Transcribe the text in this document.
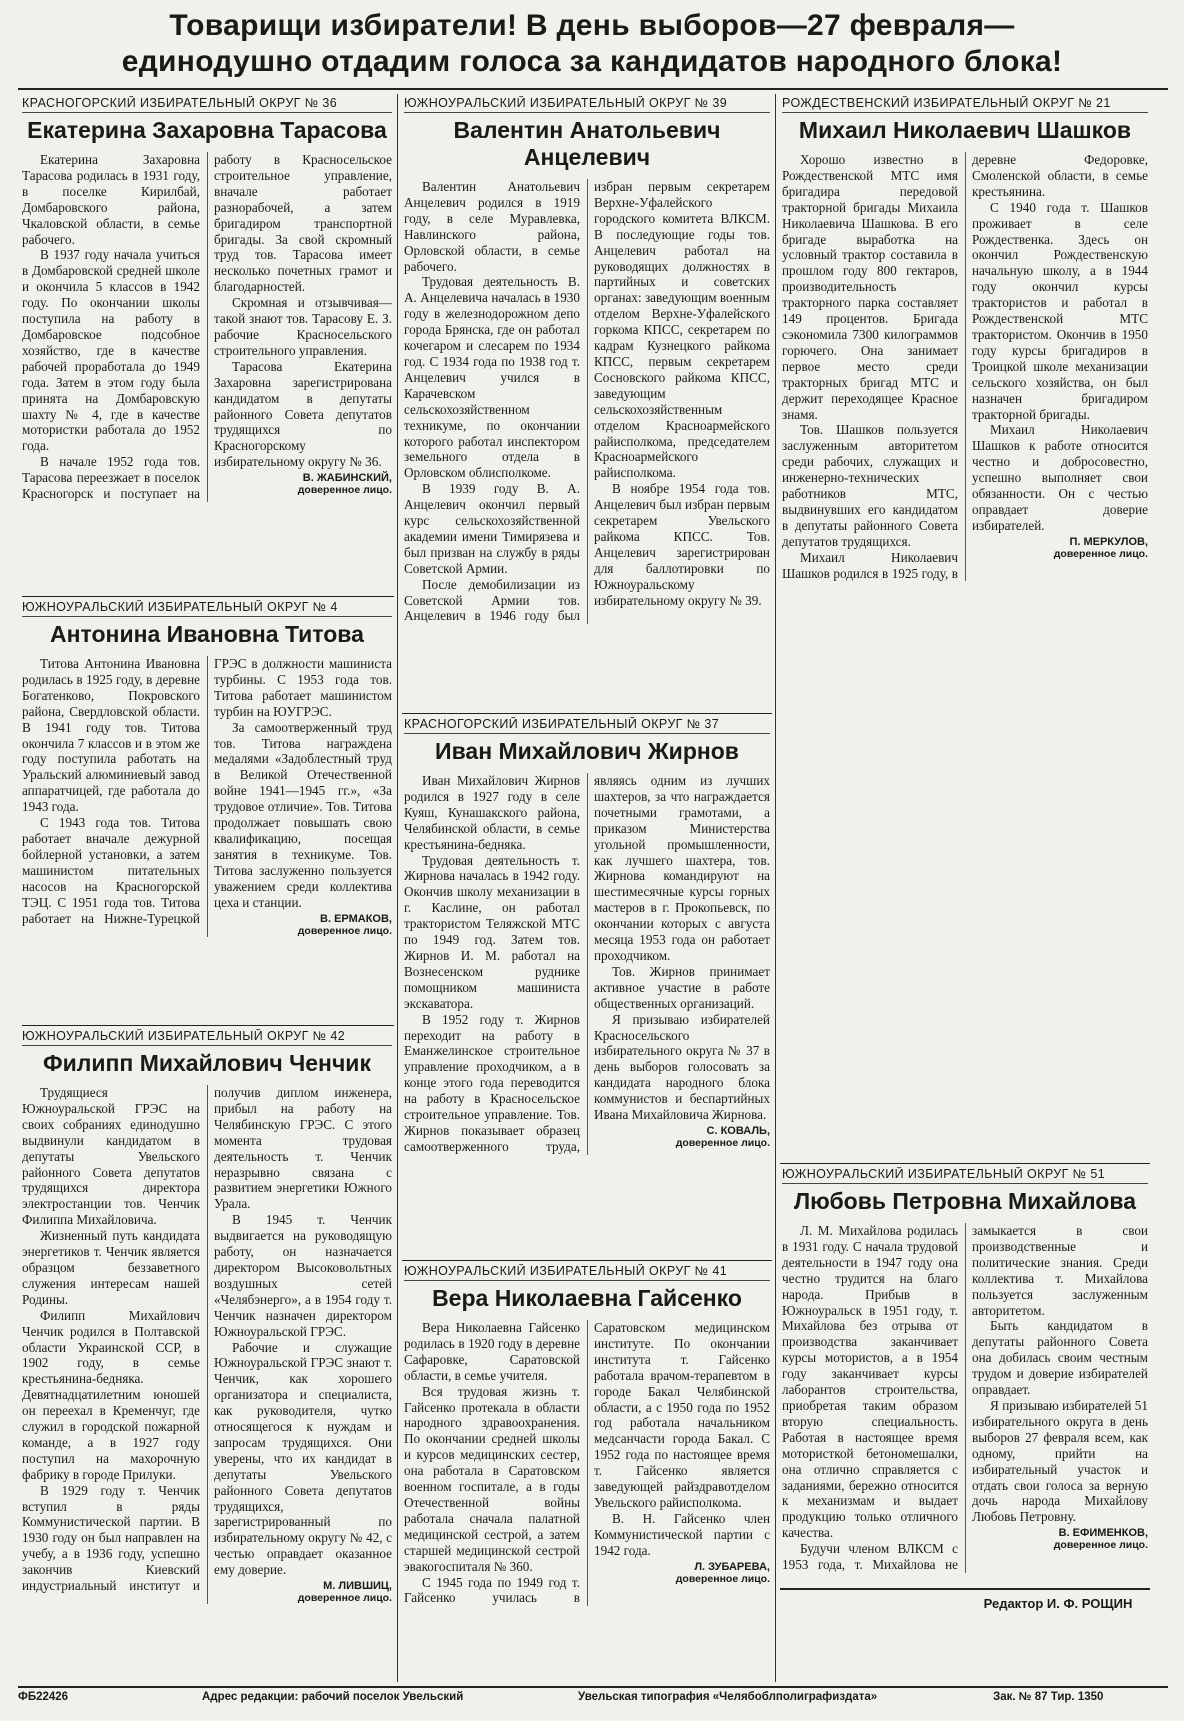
Товарищи избиратели! В день выборов—27 февраля—
единодушно отдадим голоса за кандидатов народного блока!
КРАСНОГОРСКИЙ ИЗБИРАТЕЛЬНЫЙ ОКРУГ № 36
Екатерина Захаровна Тарасова

Екатерина Захаровна Тарасова родилась в 1931 году, в поселке Кирилбай, Домбаровского района, Чкаловской области, в семье рабочего.

В 1937 году начала учиться в Домбаровской средней школе и окончила 5 классов в 1942 году. По окончании школы поступила на работу в Домбаровское подсобное хозяйство, где в качестве рабочей проработала до 1949 года. Затем в этом году была принята на Домбаровскую шахту № 4, где в качестве мотористки работала до 1952 года.

В начале 1952 года тов. Тарасова переезжает в поселок Красногорск и поступает на работу в Красносельское строительное управление, вначале работает разнорабочей, а затем бригадиром транспортной бригады. За свой скромный труд тов. Тарасова имеет несколько почетных грамот и благодарностей.

Скромная и отзывчивая—такой знают тов. Тарасову Е. З. рабочие Красносельского строительного управления.

Тарасова Екатерина Захаровна зарегистрирована кандидатом в депутаты районного Совета депутатов трудящихся по Красногорскому избирательному округу № 36.

В. ЖАБИНСКИЙ,
доверенное лицо.
ЮЖНОУРАЛЬСКИЙ ИЗБИРАТЕЛЬНЫЙ ОКРУГ № 4
Антонина Ивановна Титова

Титова Антонина Ивановна родилась в 1925 году, в деревне Богатенково, Покровского района, Свердловской области. В 1941 году тов. Титова окончила 7 классов и в этом же году поступила работать на Уральский алюминиевый завод аппаратчицей, где работала до 1943 года.

С 1943 года тов. Титова работает вначале дежурной бойлерной установки, а затем машинистом питательных насосов на Красногорской ТЭЦ. С 1951 года тов. Титова работает на Нижне-Турецкой ГРЭС в должности машиниста турбины. С 1953 года тов. Титова работает машинистом турбин на ЮУГРЭС.

За самоотверженный труд тов. Титова награждена медалями «Задоблестный труд в Великой Отечественной войне 1941—1945 гг.», «За трудовое отличие». Тов. Титова продолжает повышать свою квалификацию, посещая занятия в техникуме. Тов. Титова заслуженно пользуется уважением среди коллектива цеха и станции.

В. ЕРМАКОВ,
доверенное лицо.
ЮЖНОУРАЛЬСКИЙ ИЗБИРАТЕЛЬНЫЙ ОКРУГ № 42
Филипп Михайлович Ченчик

Трудящиеся Южноуральской ГРЭС на своих собраниях единодушно выдвинули кандидатом в депутаты Увельского районного Совета депутатов трудящихся директора электростанции тов. Ченчик Филиппа Михайловича.

Жизненный путь кандидата энергетиков т. Ченчик является образцом беззаветного служения интересам нашей Родины.

Филипп Михайлович Ченчик родился в Полтавской области Украинской ССР, в 1902 году, в семье крестьянина-бедняка. Девятнадцатилетним юношей он переехал в Кременчуг, где служил в городской пожарной команде, а в 1927 году поступил на махорочную фабрику в городе Прилуки.

В 1929 году т. Ченчик вступил в ряды Коммунистической партии. В 1930 году он был направлен на учебу, а в 1936 году, успешно закончив Киевский индустриальный институт и получив диплом инженера, прибыл на работу на Челябинскую ГРЭС. С этого момента трудовая деятельность т. Ченчик неразрывно связана с развитием энергетики Южного Урала.

В 1945 т. Ченчик выдвигается на руководящую работу, он назначается директором Высоковольтных воздушных сетей «Челябэнерго», а в 1954 году т. Ченчик назначен директором Южноуральской ГРЭС.

Рабочие и служащие Южноуральской ГРЭС знают т. Ченчик, как хорошего организатора и специалиста, как руководителя, чутко относящегося к нуждам и запросам трудящихся. Они уверены, что их кандидат в депутаты Увельского районного Совета депутатов трудящихся, зарегистрированный по избирательному округу № 42, с честью оправдает оказанное ему доверие.

М. ЛИВШИЦ,
доверенное лицо.
ЮЖНОУРАЛЬСКИЙ ИЗБИРАТЕЛЬНЫЙ ОКРУГ № 39
Валентин Анатольевич Анцелевич

Валентин Анатольевич Анцелевич родился в 1919 году, в селе Муравлевка, Навлинского района, Орловской области, в семье рабочего.

Трудовая деятельность В. А. Анцелевича началась в 1930 году в железнодорожном депо города Брянска, где он работал кочегаром и слесарем по 1934 год. С 1934 года по 1938 год т. Анцелевич учился в Карачевском сельскохозяйственном техникуме, по окончании которого работал инспектором земельного отдела в Орловском облисполкоме.

В 1939 году В. А. Анцелевич окончил первый курс сельскохозяйственной академии имени Тимирязева и был призван на службу в ряды Советской Армии.

После демобилизации из Советской Армии тов. Анцелевич в 1946 году был избран первым секретарем Верхне-Уфалейского городского комитета ВЛКСМ. В последующие годы тов. Анцелевич работал на руководящих должностях в партийных и советских органах: заведующим военным отделом Верхне-Уфалейского горкома КПСС, секретарем по кадрам Кузнецкого райкома КПСС, первым секретарем Сосновского райкома КПСС, заведующим сельскохозяйственным отделом Красноармейского райисполкома, председателем Красноармейского райисполкома.

В ноябре 1954 года тов. Анцелевич был избран первым секретарем Увельского райкома КПСС. Тов. Анцелевич зарегистрирован для баллотировки по Южноуральскому избирательному округу № 39.

КРАСНОГОРСКИЙ ИЗБИРАТЕЛЬНЫЙ ОКРУГ № 37
Иван Михайлович Жирнов

Иван Михайлович Жирнов родился в 1927 году в селе Куяш, Кунашакского района, Челябинской области, в семье крестьянина-бедняка.

Трудовая деятельность т. Жирнова началась в 1942 году. Окончив школу механизации в г. Каслине, он работал трактористом Теляжской МТС по 1949 год. Затем тов. Жирнов И. М. работал на Вознесенском руднике помощником машиниста экскаватора.

В 1952 году т. Жирнов переходит на работу в Еманжелинское строительное управление проходчиком, а в конце этого года переводится на работу в Красносельское строительное управление. Тов. Жирнов показывает образец самоотверженного труда, являясь одним из лучших шахтеров, за что награждается почетными грамотами, а приказом Министерства угольной промышленности, как лучшего шахтера, тов. Жирнова командируют на шестимесячные курсы горных мастеров в г. Прокопьевск, по окончании которых с августа месяца 1953 года он работает проходчиком.

Тов. Жирнов принимает активное участие в работе общественных организаций.

Я призываю избирателей Красносельского избирательного округа № 37 в день выборов голосовать за кандидата народного блока коммунистов и беспартийных Ивана Михайловича Жирнова.

С. КОВАЛЬ,
доверенное лицо.
ЮЖНОУРАЛЬСКИЙ ИЗБИРАТЕЛЬНЫЙ ОКРУГ № 41
Вера Николаевна Гайсенко

Вера Николаевна Гайсенко родилась в 1920 году в деревне Сафаровке, Саратовской области, в семье учителя.

Вся трудовая жизнь т. Гайсенко протекала в области народного здравоохранения. По окончании средней школы и курсов медицинских сестер, она работала в Саратовском военном госпитале, а в годы Отечественной войны работала сначала палатной медицинской сестрой, а затем старшей медицинской сестрой эвакогоспиталя № 360.

С 1945 года по 1949 год т. Гайсенко училась в Саратовском медицинском институте. По окончании института т. Гайсенко работала врачом-терапевтом в городе Бакал Челябинской области, а с 1950 года по 1952 год работала начальником медсанчасти города Бакал. С 1952 года по настоящее время т. Гайсенко является заведующей райздравотделом Увельского райисполкома.

В. Н. Гайсенко член Коммунистической партии с 1942 года.

Л. ЗУБАРЕВА,
доверенное лицо.
РОЖДЕСТВЕНСКИЙ ИЗБИРАТЕЛЬНЫЙ ОКРУГ № 21
Михаил Николаевич Шашков

Хорошо известно в Рождественской МТС имя бригадира передовой тракторной бригады Михаила Николаевича Шашкова. В его бригаде выработка на условный трактор составила в прошлом году 800 гектаров, производительность тракторного парка составляет 149 процентов. Бригада сэкономила 7300 килограммов горючего. Она занимает первое место среди тракторных бригад МТС и держит переходящее Красное знамя.

Тов. Шашков пользуется заслуженным авторитетом среди рабочих, служащих и инженерно-технических работников МТС, выдвинувших его кандидатом в депутаты районного Совета депутатов трудящихся.

Михаил Николаевич Шашков родился в 1925 году, в деревне Федоровке, Смоленской области, в семье крестьянина.

С 1940 года т. Шашков проживает в селе Рождественка. Здесь он окончил Рождественскую начальную школу, а в 1944 году окончил курсы трактористов и работал в Рождественской МТС трактористом. Окончив в 1950 году курсы бригадиров в Троицкой школе механизации сельского хозяйства, он был назначен бригадиром тракторной бригады.

Михаил Николаевич Шашков к работе относится честно и добросовестно, успешно выполняет свои обязанности. Он с честью оправдает доверие избирателей.

П. МЕРКУЛОВ,
доверенное лицо.
ЮЖНОУРАЛЬСКИЙ ИЗБИРАТЕЛЬНЫЙ ОКРУГ № 51
Любовь Петровна Михайлова

Л. М. Михайлова родилась в 1931 году. С начала трудовой деятельности в 1947 году она честно трудится на благо народа. Прибыв в Южноуральск в 1951 году, т. Михайлова без отрыва от производства заканчивает курсы мотористов, а в 1954 году заканчивает курсы лаборантов строительства, приобретая таким образом вторую специальность. Работая в настоящее время мотористкой бетономешалки, она отлично справляется с заданиями, бережно относится к механизмам и выдает продукцию только отличного качества.

Будучи членом ВЛКСМ с 1953 года, т. Михайлова не замыкается в свои производственные и политические знания. Среди коллектива т. Михайлова пользуется заслуженным авторитетом.

Быть кандидатом в депутаты районного Совета она добилась своим честным трудом и доверие избирателей оправдает.

Я призываю избирателей 51 избирательного округа в день выборов 27 февраля всем, как одному, прийти на избирательный участок и отдать свои голоса за верную дочь народа Михайлову Любовь Петровну.

В. ЕФИМЕНКОВ,
доверенное лицо.
Редактор И. Ф. РОЩИН
ФБ22426	Адрес редакции: рабочий поселок Увельский	Увельская типография «Челябоблполиграфиздата»	Зак. № 87 Тир. 1350
